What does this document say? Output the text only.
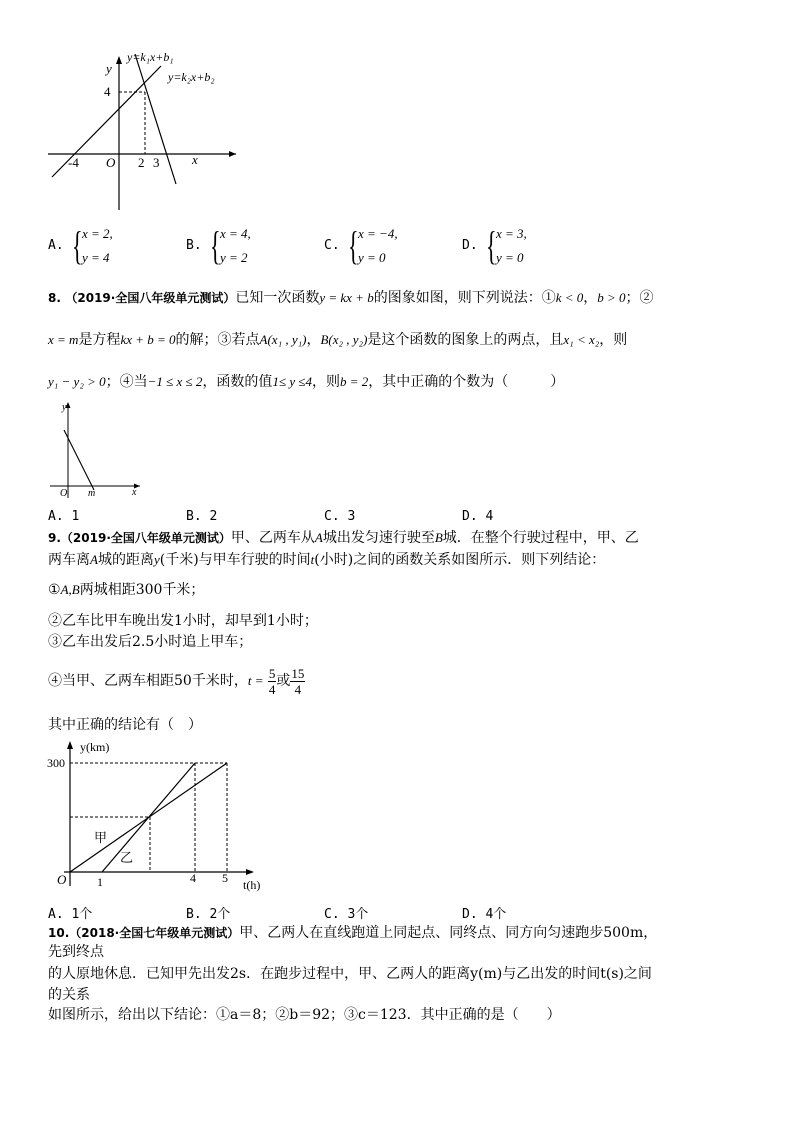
y=k₁x+b₁
y=k₂x+b₂
y
x
O
4
-4	2 3
A. { x = 2,
y = 4
B. { x = 4,
y = 2
C. { x = −4,
y = 0
D. { x = 3,
y = 0
8. （2019·全国八年级单元测试）已知一次函数y = kx + b的图象如图，则下列说法：①k < 0，b > 0；②
x = m是方程kx + b = 0的解；③若点A(x₁ , y₁)，B(x₂ , y₂)是这个函数的图象上的两点，且x₁ < x₂，则
y₁ − y₂ > 0；④当−1 ≤ x ≤ 2，函数的值1≤ y ≤4，则b = 2，其中正确的个数为（　　　）
y
x
O m
A. 1	B. 2	C. 3	D. 4
9.（2019·全国八年级单元测试）甲、乙两车从A城出发匀速行驶至B城．在整个行驶过程中，甲、乙
两车离A城的距离y(千米)与甲车行驶的时间t(小时)之间的函数关系如图所示．则下列结论：
①A,B两城相距300千米；
②乙车比甲车晚出发1小时，却早到1小时；
③乙车出发后2.5小时追上甲车；
④当甲、乙两车相距50千米时，$t = \frac{5}{4}$ 或 $\frac{15}{4}$
其中正确的结论有（　）
y(km)
t(h)
O
300
1	4 5
甲
乙
A. 1个	B. 2个	C. 3个	D. 4个
10.（2018·全国七年级单元测试）甲、乙两人在直线跑道上同起点、同终点、同方向匀速跑步500m，
先到终点
的人原地休息．已知甲先出发2s．在跑步过程中，甲、乙两人的距离y(m)与乙出发的时间t(s)之间
的关系
如图所示，给出以下结论：①a＝8；②b＝92；③c＝123．其中正确的是（　　）
